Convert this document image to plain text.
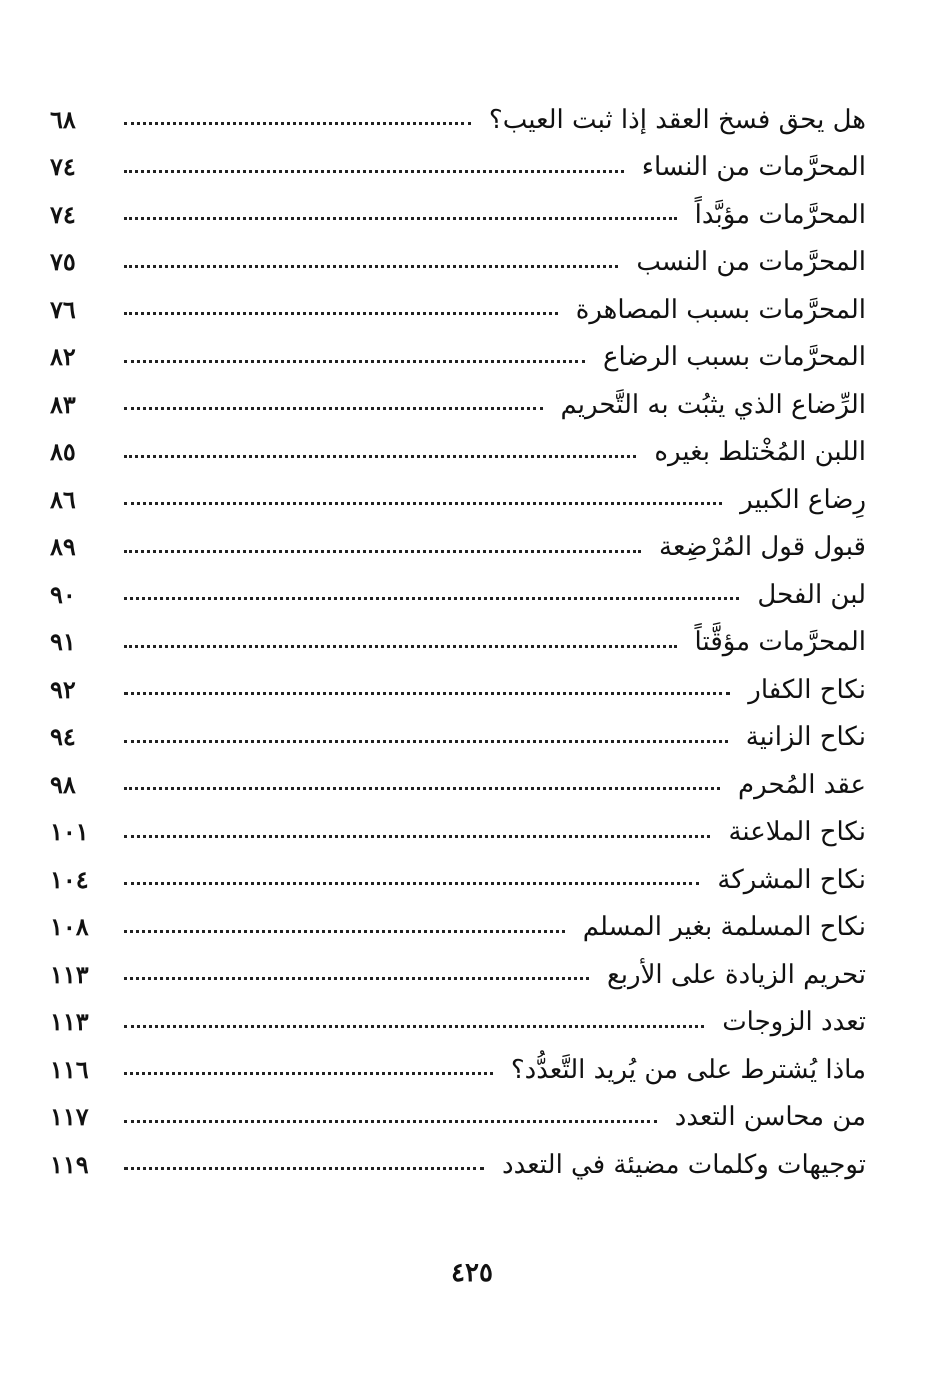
هل يحق فسخ العقد إذا ثبت العيب؟
٦٨
المحرَّمات من النساء
٧٤
المحرَّمات مؤبَّداً
٧٤
المحرَّمات من النسب
٧٥
المحرَّمات بسبب المصاهرة
٧٦
المحرَّمات بسبب الرضاع
٨٢
الرِّضاع الذي يثبُت به التَّحريم
٨٣
اللبن المُخْتلط بغيره
٨٥
رِضاع الكبير
٨٦
قبول قول المُرْضِعة
٨٩
لبن الفحل
٩٠
المحرَّمات مؤقَّتاً
٩١
نكاح الكفار
٩٢
نكاح الزانية
٩٤
عقد المُحرم
٩٨
نكاح الملاعنة
١٠١
نكاح المشركة
١٠٤
نكاح المسلمة بغير المسلم
١٠٨
تحريم الزيادة على الأربع
١١٣
تعدد الزوجات
١١٣
ماذا يُشترط على من يُريد التَّعدُّد؟
١١٦
من محاسن التعدد
١١٧
توجيهات وكلمات مضيئة في التعدد
١١٩
٤٢٥
